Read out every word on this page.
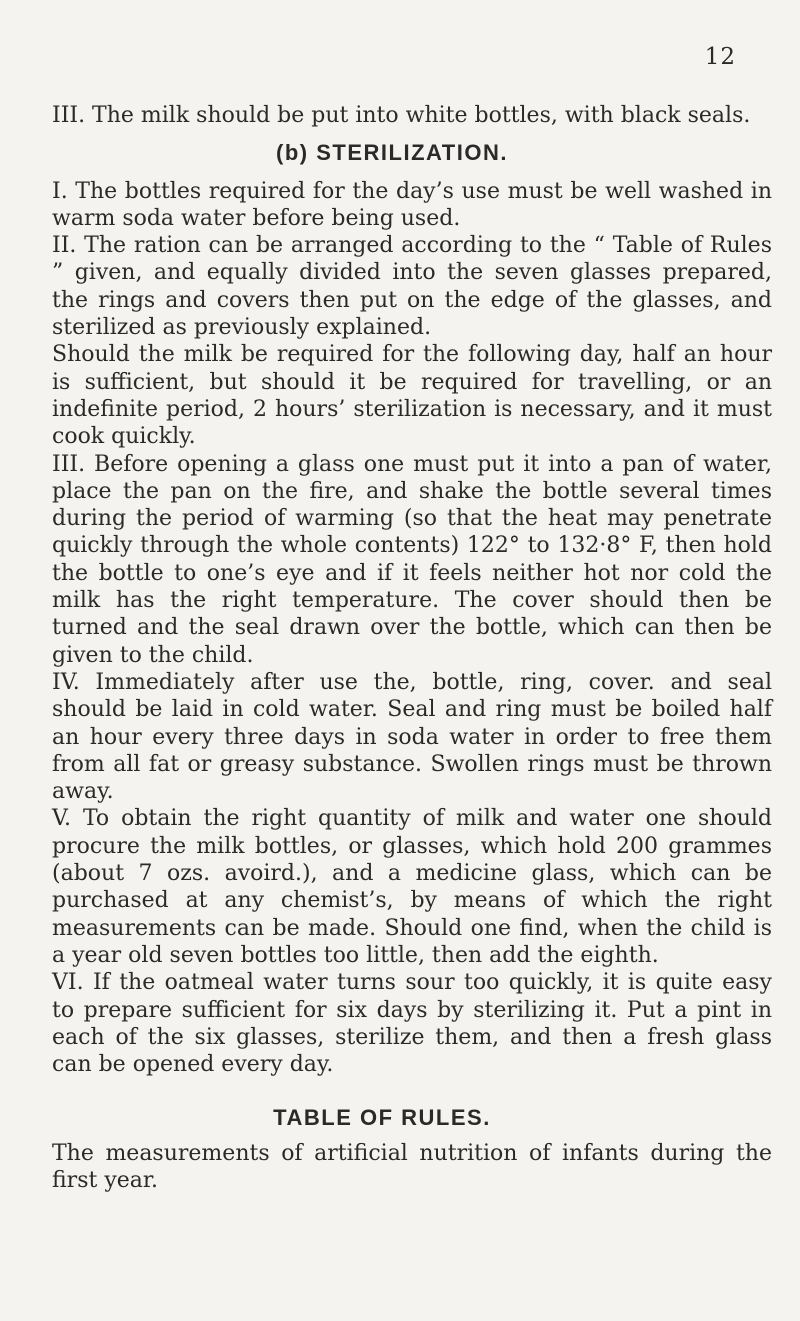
12

III. The milk should be put into white bottles, with black seals.

(b) STERILIZATION.

I. The bottles required for the day’s use must be well washed in warm soda water before being used.

II. The ration can be arranged according to the “ Table of Rules ” given, and equally divided into the seven glasses prepared, the rings and covers then put on the edge of the glasses, and sterilized as previously explained.

Should the milk be required for the following day, half an hour is sufficient, but should it be required for travelling, or an indefinite period, 2 hours’ sterilization is necessary, and it must cook quickly.

III. Before opening a glass one must put it into a pan of water, place the pan on the fire, and shake the bottle several times during the period of warming (so that the heat may penetrate quickly through the whole contents) 122° to 132·8° F, then hold the bottle to one’s eye and if it feels neither hot nor cold the milk has the right temperature. The cover should then be turned and the seal drawn over the bottle, which can then be given to the child.

IV. Immediately after use the, bottle, ring, cover. and seal should be laid in cold water. Seal and ring must be boiled half an hour every three days in soda water in order to free them from all fat or greasy substance. Swollen rings must be thrown away.

V. To obtain the right quantity of milk and water one should procure the milk bottles, or glasses, which hold 200 grammes (about 7 ozs. avoird.), and a medicine glass, which can be purchased at any chemist’s, by means of which the right measurements can be made. Should one find, when the child is a year old seven bottles too little, then add the eighth.

VI. If the oatmeal water turns sour too quickly, it is quite easy to prepare sufficient for six days by sterilizing it. Put a pint in each of the six glasses, sterilize them, and then a fresh glass can be opened every day.

TABLE OF RULES.

The measurements of artificial nutrition of infants during the first year.
